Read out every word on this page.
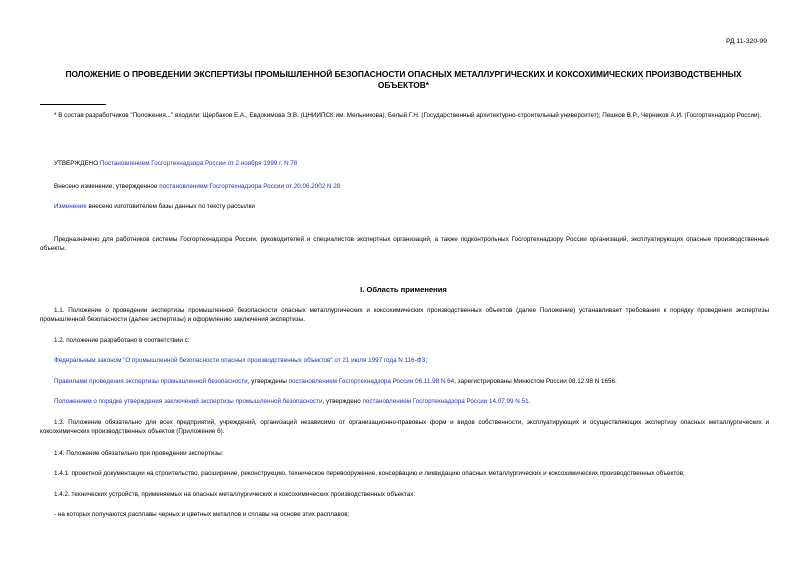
РД 11-320-99
ПОЛОЖЕНИЕ О ПРОВЕДЕНИИ ЭКСПЕРТИЗЫ ПРОМЫШЛЕННОЙ БЕЗОПАСНОСТИ ОПАСНЫХ МЕТАЛЛУРГИЧЕСКИХ И КОКСОХИМИЧЕСКИХ ПРОИЗВОДСТВЕННЫХ ОБЪЕКТОВ*
* В состав разработчиков "Положения..." входили: Щербаков Е.А., Евдокимова Э.В. (ЦНИИПСК им. Мельникова); Белый Г.Н. (Государственный архитектурно-строительный университет); Пешков В.Р., Черников А.И. (Госгортехнадзор России).
УТВЕРЖДЕНО Постановлением Госгортехнадзора России от 2 ноября 1999 г. N 78
Внесено изменение, утвержденное постановлением Госгортехнадзора России от 20.06.2002 N 28
Изменение внесено изготовителем базы данных по тексту рассылки
Предназначено для работников системы Госгортехнадзора России, руководителей и специалистов экспертных организаций, а также подконтрольных Госгортехнадзору России организаций, эксплуатирующих опасные производственные объекты.
I. Область применения
1.1. Положение о проведении экспертизы промышленной безопасности опасных металлургических и коксохимических производственных объектов (далее Положение) устанавливает требования к порядку проведения экспертизы промышленной безопасности (далее экспертизы) и оформлению заключения экспертизы.
1.2. положение разработано в соответствии с:
Федеральным законом "О промышленной безопасности опасных производственных объектов" от 21 июля 1997 года N 116-ФЗ;
Правилами проведения экспертизы промышленной безопасности, утверждены постановлением Госгортехнадзора России 06.11.98 N 64, зарегистрированы Минюстом России 08.12.98 N 1656.
Положением о порядке утверждения заключений экспертизы промышленной безопасности, утверждено постановлением Госгортехнадзора России 14.07.99 N 51.
1.3. Положение обязательно для всех предприятий, учреждений, организаций независимо от организационно-правовых форм и видов собственности, эксплуатирующих и осуществляющих экспертизу опасных металлургических и коксохимических производственных объектов (Приложение 6).
1.4. Положение обязательно при проведении экспертизы:
1.4.1. проектной документации на строительство, расширение, реконструкцию, техническое перевооружение, консервацию и ликвидацию опасных металлургических и коксохимических производственных объектов;
1.4.2. технических устройств, применяемых на опасных металлургических и коксохимических производственных объектах:
- на которых получаются расплавы черных и цветных металлов и сплавы на основе этих расплавов;
